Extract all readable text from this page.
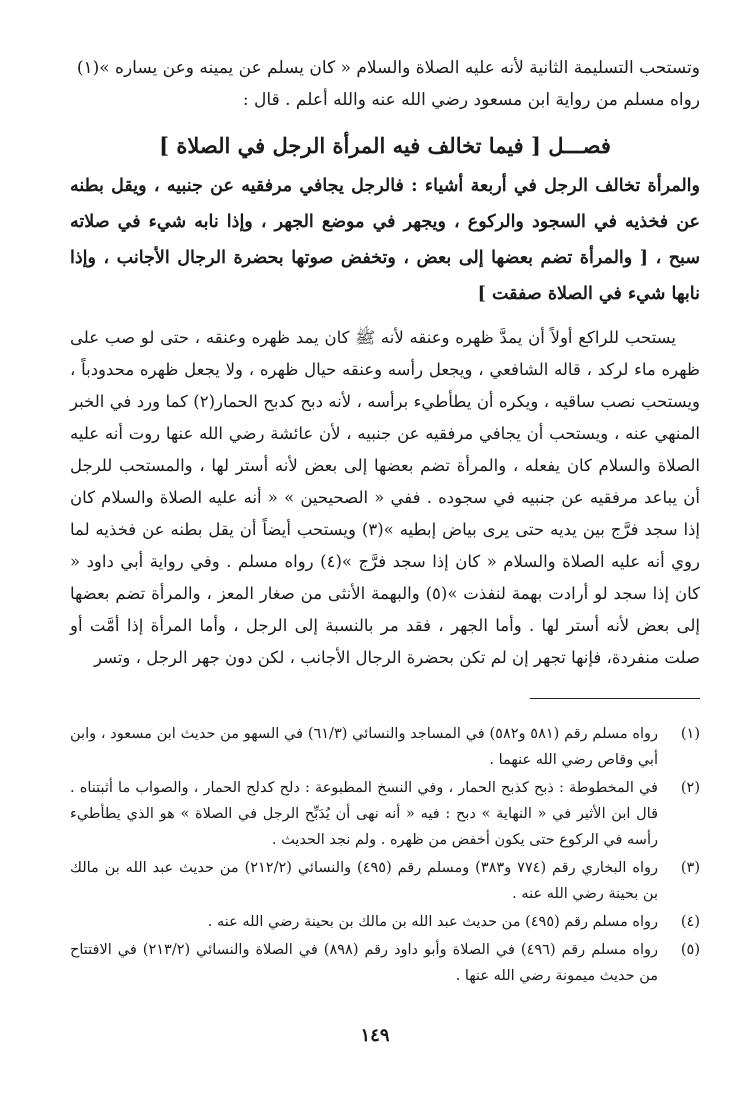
وتستحب التسليمة الثانية لأنه عليه الصلاة والسلام « كان يسلم عن يمينه وعن يساره »(١)

رواه مسلم من رواية ابن مسعود رضي الله عنه والله أعلم . قال :

فصـــل [ فيما تخالف فيه المرأة الرجل في الصلاة ]

والمرأة تخالف الرجل في أربعة أشياء : فالرجل يجافي مرفقيه عن جنبيه ، ويقل بطنه عن فخذيه في السجود والركوع ، ويجهر في موضع الجهر ، وإذا نابه شيء في صلاته سبح ، [ والمرأة تضم بعضها إلى بعض ، وتخفض صوتها بحضرة الرجال الأجانب ، وإذا نابها شيء في الصلاة صفقت ]

يستحب للراكع أولاً أن يمدَّ ظهره وعنقه لأنه ﷺ كان يمد ظهره وعنقه ، حتى لو صب على ظهره ماء لركد ، قاله الشافعي ، ويجعل رأسه وعنقه حيال ظهره ، ولا يجعل ظهره محدودباً ، ويستحب نصب ساقيه ، ويكره أن يطأطيء برأسه ، لأنه دبح كدبح الحمار(٢) كما ورد في الخبر المنهي عنه ، ويستحب أن يجافي مرفقيه عن جنبيه ، لأن عائشة رضي الله عنها روت أنه عليه الصلاة والسلام كان يفعله ، والمرأة تضم بعضها إلى بعض لأنه أستر لها ، والمستحب للرجل أن يباعد مرفقيه عن جنبيه في سجوده . ففي « الصحيحين » « أنه عليه الصلاة والسلام كان إذا سجد فرَّج بين يديه حتى يرى بياض إبطيه »(٣) ويستحب أيضاً أن يقل بطنه عن فخذيه لما روي أنه عليه الصلاة والسلام « كان إذا سجد فرَّج »(٤) رواه مسلم . وفي رواية أبي داود « كان إذا سجد لو أرادت بهمة لنفذت »(٥) والبهمة الأنثى من صغار المعز ، والمرأة تضم بعضها إلى بعض لأنه أستر لها . وأما الجهر ، فقد مر بالنسبة إلى الرجل ، وأما المرأة إذا أمَّت أو صلت منفردة، فإنها تجهر إن لم تكن بحضرة الرجال الأجانب ، لكن دون جهر الرجل ، وتسر

(١)
رواه مسلم رقم (٥٨١ و٥٨٢) في المساجد والنسائي (٦١/٣) في السهو من حديث ابن مسعود ، وابن أبي وقاص رضي الله عنهما .
(٢)
في المخطوطة : ذبح كذبح الحمار ، وفي النسخ المطبوعة : دلح كدلح الحمار ، والصواب ما أثبتناه . قال ابن الأثير في « النهاية » دبح : فيه « أنه نهى أن يُدَبِّح الرجل في الصلاة » هو الذي يطأطيء رأسه في الركوع حتى يكون أخفض من ظهره . ولم نجد الحديث .
(٣)
رواه البخاري رقم (٧٧٤ و٣٨٣) ومسلم رقم (٤٩٥) والنسائي (٢١٢/٢) من حديث عبد الله بن مالك بن بحينة رضي الله عنه .
(٤)
رواه مسلم رقم (٤٩٥) من حديث عبد الله بن مالك بن بحينة رضي الله عنه .
(٥)
رواه مسلم رقم (٤٩٦) في الصلاة وأبو داود رقم (٨٩٨) في الصلاة والنسائي (٢١٣/٢) في الافتتاح من حديث ميمونة رضي الله عنها .
١٤٩
